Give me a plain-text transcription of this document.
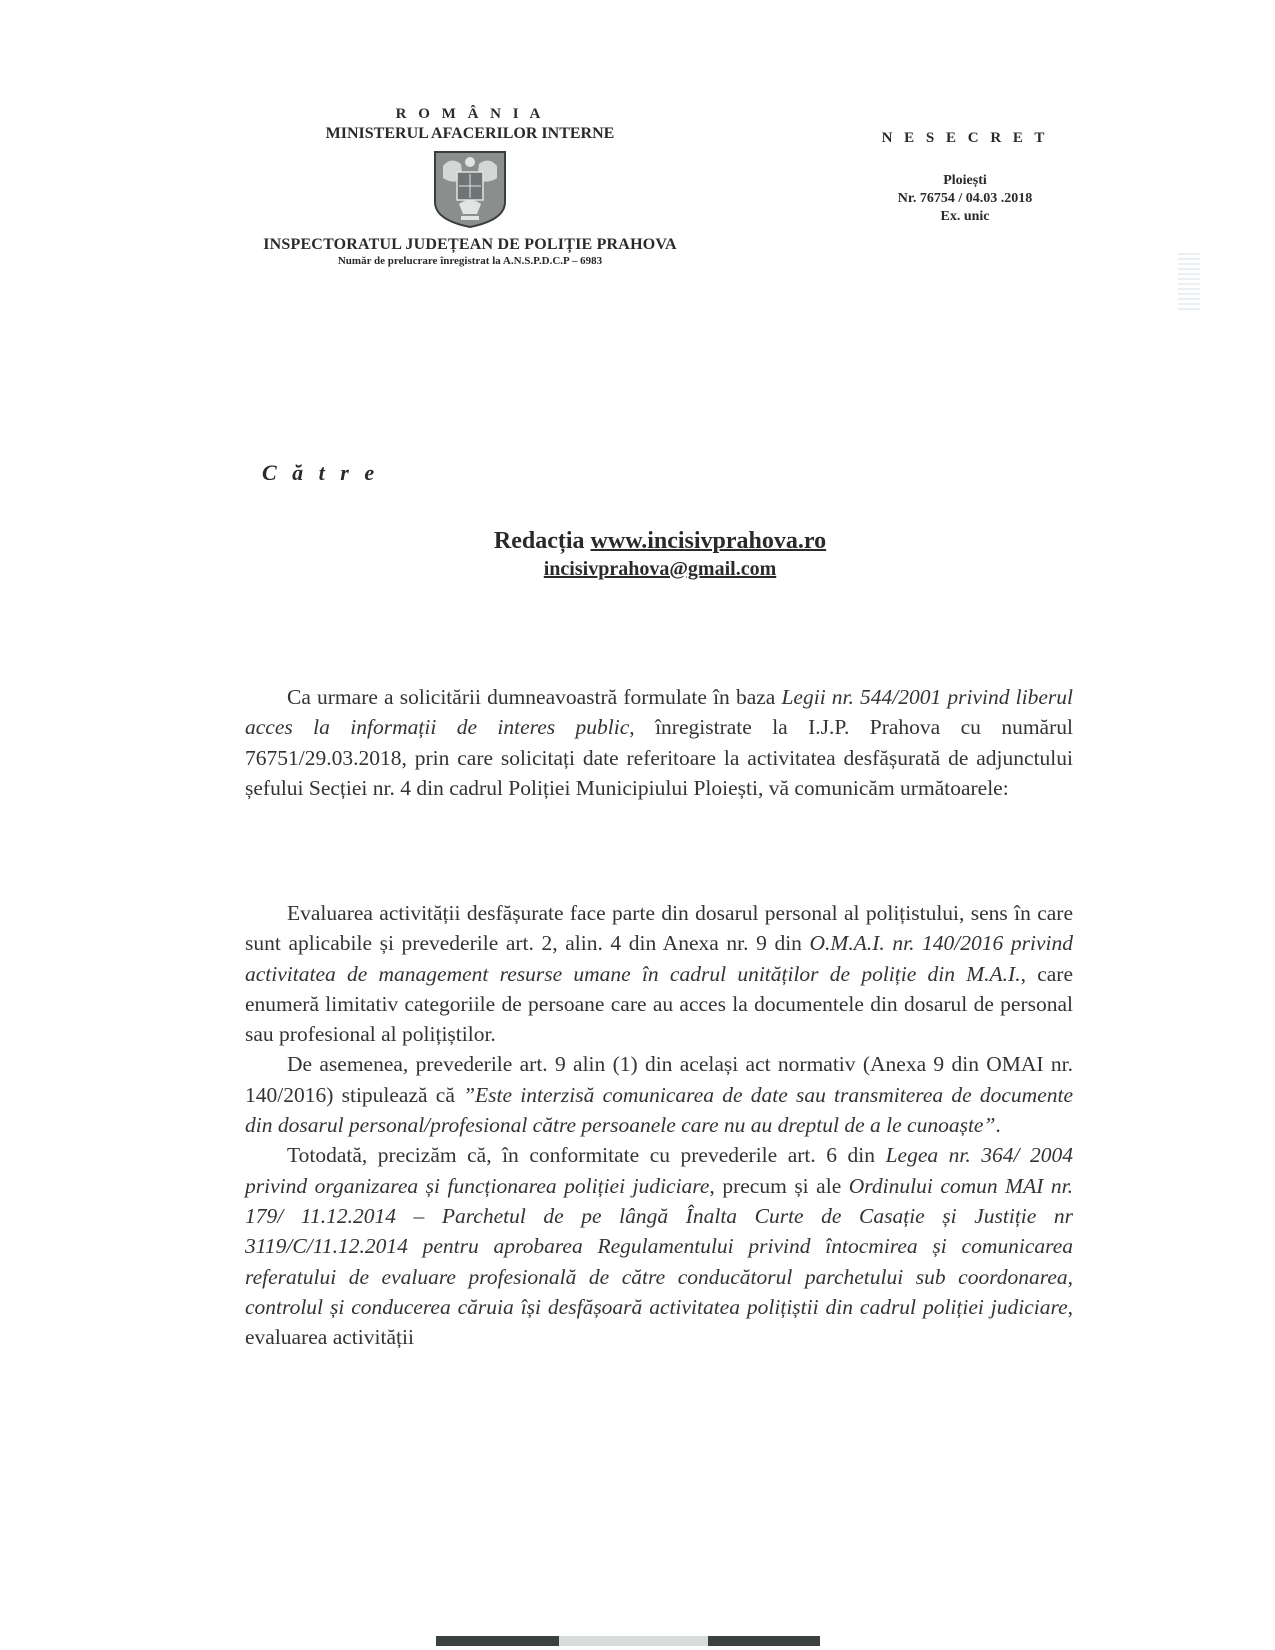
R O M Â N I A
MINISTERUL AFACERILOR INTERNE
INSPECTORATUL JUDEȚEAN DE POLIȚIE PRAHOVA
Număr de prelucrare înregistrat la A.N.S.P.D.C.P – 6983
N E S E C R E T
Ploiești
Nr. 76754 / 04.03 .2018
Ex. unic
C ă t r e
Redacția www.incisivprahova.ro
incisivprahova@gmail.com

Ca urmare a solicitării dumneavoastră formulate în baza Legii nr. 544/2001 privind liberul acces la informații de interes public, înregistrate la I.J.P. Prahova cu numărul 76751/29.03.2018, prin care solicitați date referitoare la activitatea desfășurată de adjunctului șefului Secției nr. 4 din cadrul Poliției Municipiului Ploiești, vă comunicăm următoarele:

Evaluarea activității desfășurate face parte din dosarul personal al polițistului, sens în care sunt aplicabile și prevederile art. 2, alin. 4 din Anexa nr. 9 din O.M.A.I. nr. 140/2016 privind activitatea de management resurse umane în cadrul unităților de poliție din M.A.I., care enumeră limitativ categoriile de persoane care au acces la documentele din dosarul de personal sau profesional al polițiștilor.

De asemenea, prevederile art. 9 alin (1) din același act normativ (Anexa 9 din OMAI nr. 140/2016) stipulează că ”Este interzisă comunicarea de date sau transmiterea de documente din dosarul personal/profesional către persoanele care nu au dreptul de a le cunoaște”.

Totodată, precizăm că, în conformitate cu prevederile art. 6 din Legea nr. 364/ 2004 privind organizarea și funcționarea poliției judiciare, precum și ale Ordinului comun MAI nr. 179/ 11.12.2014 – Parchetul de pe lângă Înalta Curte de Casație și Justiție nr 3119/C/11.12.2014 pentru aprobarea Regulamentului privind întocmirea și comunicarea referatului de evaluare profesională de către conducătorul parchetului sub coordonarea, controlul și conducerea căruia își desfășoară activitatea polițiștii din cadrul poliției judiciare, evaluarea activității
